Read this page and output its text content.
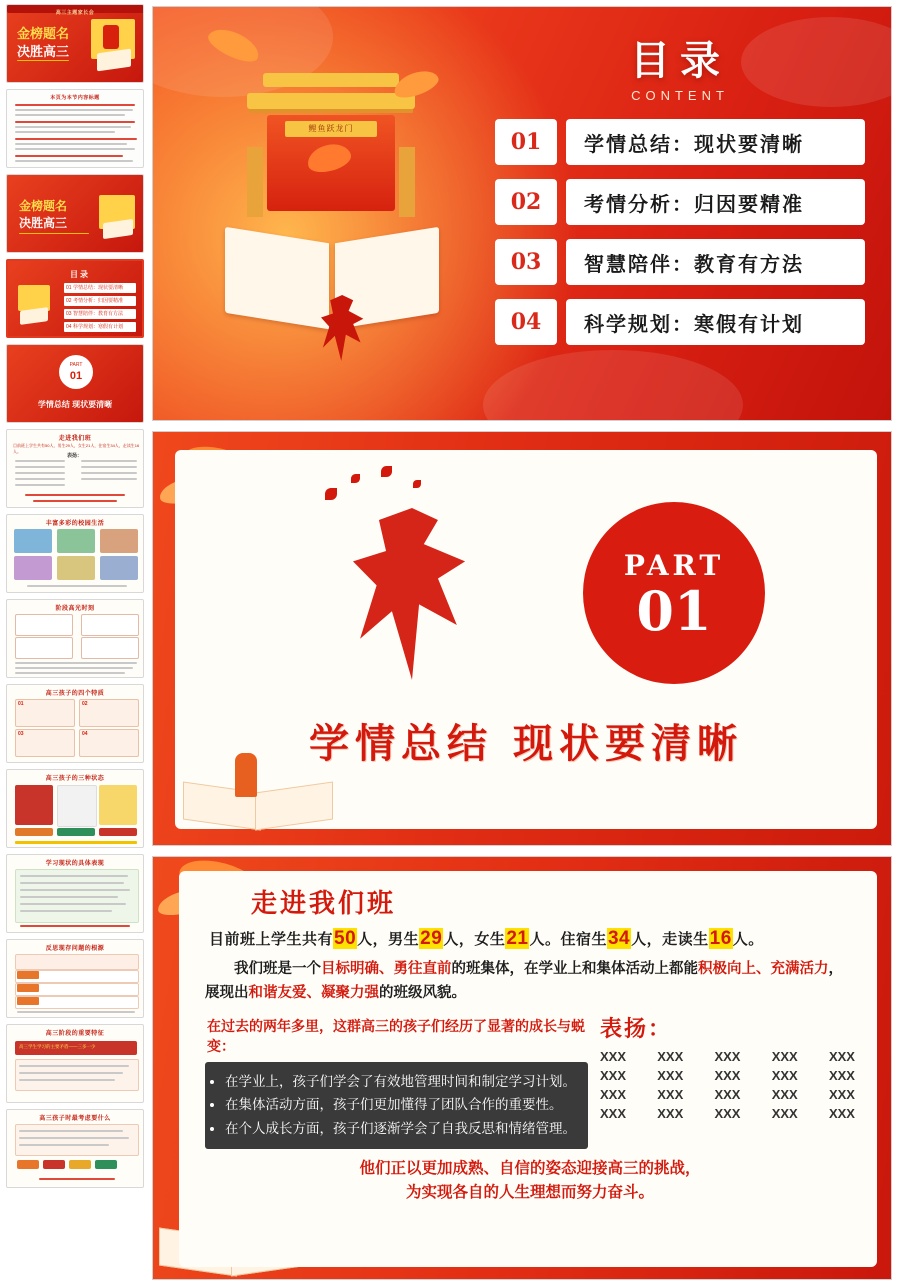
高三主题家长会
金榜题名
决胜高三
本页为本节内容标题
金榜题名
决胜高三
目录
01 学情总结：现状要清晰
02 考情分析：归因要精准
03 智慧陪伴：教育有方法
04 科学规划：寒假有计划
PART
01
学情总结 现状要清晰
走进我们班
目前班上学生共有50人，男生29人，女生21人，住宿生34人，走读生16人。
表扬：
丰富多彩的校园生活
阶段高光时刻
高三孩子的四个特质
01	02
03	04
高三孩子的三种状态
学习现状的具体表现
反思现存问题的根源
高三阶段的重要特征
高三学生学习的主要矛盾——三多一少
高三孩子时最考虑要什么
鲤鱼跃龙门
目录
CONTENT
01	学情总结：现状要清晰
02	考情分析：归因要精准
03	智慧陪伴：教育有方法
04	科学规划：寒假有计划
PART
01
学情总结 现状要清晰
走进我们班
目前班上学生共有50人，男生29人，女生21人。住宿生34人，走读生16人。
我们班是一个目标明确、勇往直前的班集体，在学业上和集体活动上都能积极向上、充满活力，展现出和谐友爱、凝聚力强的班级风貌。
在过去的两年多里，这群高三的孩子们经历了显著的成长与蜕变：
• 在学业上，孩子们学会了有效地管理时间和制定学习计划。
• 在集体活动方面，孩子们更加懂得了团队合作的重要性。
• 在个人成长方面，孩子们逐渐学会了自我反思和情绪管理。
表扬：
XXX XXX XXX XXX XXX
XXX XXX XXX XXX XXX
XXX XXX XXX XXX XXX
XXX XXX XXX XXX XXX
他们正以更加成熟、自信的姿态迎接高三的挑战，
为实现各自的人生理想而努力奋斗。
